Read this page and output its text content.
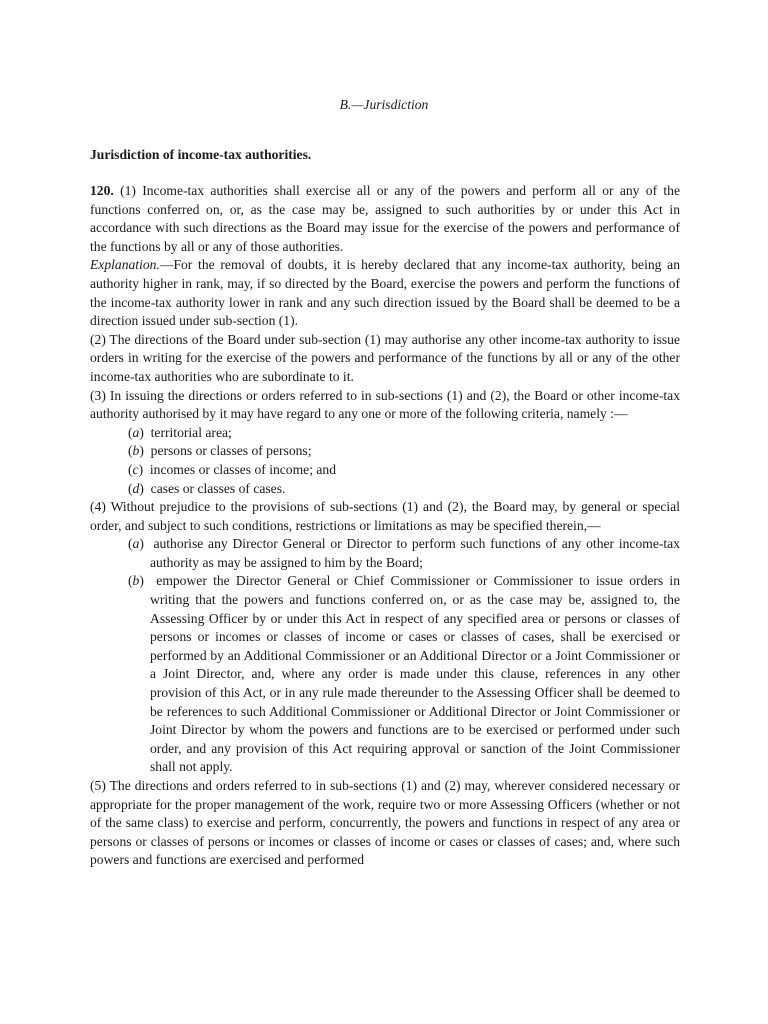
B.—Jurisdiction
Jurisdiction of income-tax authorities.

120. (1) Income-tax authorities shall exercise all or any of the powers and perform all or any of the functions conferred on, or, as the case may be, assigned to such authorities by or under this Act in accordance with such directions as the Board may issue for the exercise of the powers and performance of the functions by all or any of those authorities.

Explanation.—For the removal of doubts, it is hereby declared that any income-tax authority, being an authority higher in rank, may, if so directed by the Board, exercise the powers and perform the functions of the income-tax authority lower in rank and any such direction issued by the Board shall be deemed to be a direction issued under sub-section (1).

(2) The directions of the Board under sub-section (1) may authorise any other income-tax authority to issue orders in writing for the exercise of the powers and performance of the functions by all or any of the other income-tax authorities who are subordinate to it.

(3) In issuing the directions or orders referred to in sub-sections (1) and (2), the Board or other income-tax authority authorised by it may have regard to any one or more of the following criteria, namely :—

(a)  territorial area;
(b)  persons or classes of persons;
(c)  incomes or classes of income; and
(d)  cases or classes of cases.

(4) Without prejudice to the provisions of sub-sections (1) and (2), the Board may, by general or special order, and subject to such conditions, restrictions or limitations as may be specified therein,—

(a)  authorise any Director General or Director to perform such functions of any other income-tax authority as may be assigned to him by the Board;
(b)  empower the Director General or Chief Commissioner or Commissioner to issue orders in writing that the powers and functions conferred on, or as the case may be, assigned to, the Assessing Officer by or under this Act in respect of any specified area or persons or classes of persons or incomes or classes of income or cases or classes of cases, shall be exercised or performed by an Additional Commissioner or an Additional Director or a Joint Commissioner or a Joint Director, and, where any order is made under this clause, references in any other provision of this Act, or in any rule made thereunder to the Assessing Officer shall be deemed to be references to such Additional Commissioner or Additional Director or Joint Commissioner or Joint Director by whom the powers and functions are to be exercised or performed under such order, and any provision of this Act requiring approval or sanction of the Joint Commissioner shall not apply.

(5) The directions and orders referred to in sub-sections (1) and (2) may, wherever considered necessary or appropriate for the proper management of the work, require two or more Assessing Officers (whether or not of the same class) to exercise and perform, concurrently, the powers and functions in respect of any area or persons or classes of persons or incomes or classes of income or cases or classes of cases; and, where such powers and functions are exercised and performed
